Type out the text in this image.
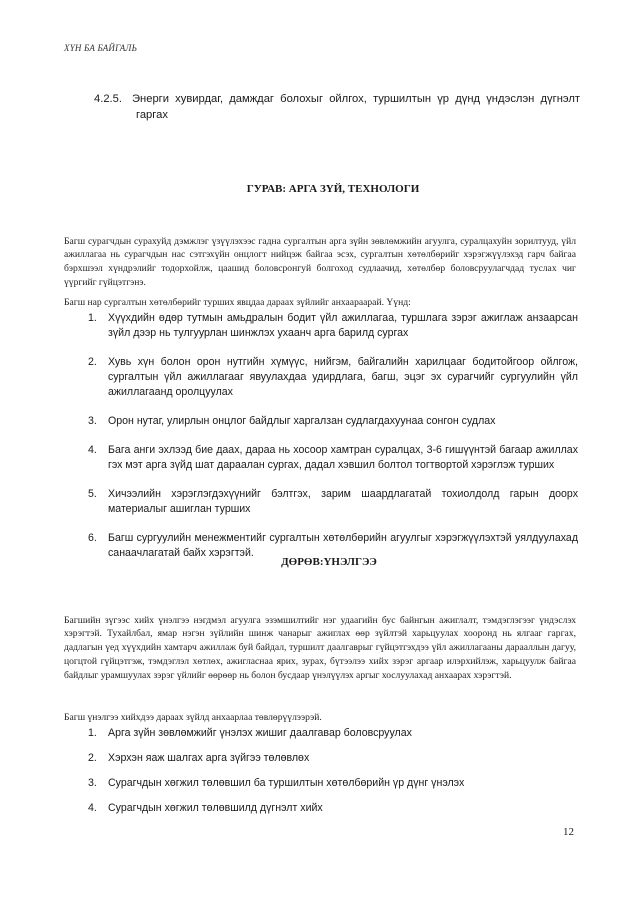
ХҮН БА БАЙГАЛЬ
4.2.5. Энерги хувирдаг, дамждаг болохыг ойлгох, туршилтын үр дүнд үндэслэн дүгнэлт гаргах
ГУРАВ: АРГА ЗҮЙ, ТЕХНОЛОГИ

Багш сурагчдын сурахуйд дэмжлэг үзүүлэхээс гадна сургалтын арга зүйн зөвлөмжийн агуулга, суралцахуйн зорилтууд, үйл ажиллагаа нь сурагчдын нас сэтгэхүйн онцлогт нийцэж байгаа эсэх, сургалтын хөтөлбөрийг хэрэгжүүлэхэд гарч байгаа бэрхшээл хүндрэлийг тодорхойлж, цаашид боловсронгуй болгоход судлаачид, хөтөлбөр боловсруулагчдад туслах чиг үүргийг гүйцэтгэнэ.

Багш нар сургалтын хөтөлбөрийг турших явцдаа дараах зүйлийг анхаараарай. Үүнд:

1. Хүүхдийн өдөр тутмын амьдралын бодит үйл ажиллагаа, туршлага зэрэг ажиглаж анзаарсан зүйл дээр нь тулгуурлан шинжлэх ухаанч арга барилд сургах
2. Хувь хүн болон орон нутгийн хүмүүс, нийгэм, байгалийн харилцааг бодитойгоор ойлгож, сургалтын үйл ажиллагааг явуулахдаа удирдлага, багш, эцэг эх сурагчийг сургуулийн үйл ажиллагаанд оролцуулах
3. Орон нутаг, улирлын онцлог байдлыг харгалзан судлагдахуунаа сонгон судлах
4. Бага анги эхлээд бие даах, дараа нь хосоор хамтран суралцах, 3-6 гишүүнтэй багаар ажиллах гэх мэт арга зүйд шат дараалан сургах, дадал хэвшил болтол тогтвортой хэрэглэж турших
5. Хичээлийн хэрэглэгдэхүүнийг бэлтгэх, зарим шаардлагатай тохиолдолд гарын доорх материалыг ашиглан турших
6. Багш сургуулийн менежментийг сургалтын хөтөлбөрийн агуулгыг хэрэгжүүлэхтэй уялдуулахад санаачлагатай байх хэрэгтэй.
ДӨРӨВ:ҮНЭЛГЭЭ

Багшийн зүгээс хийх үнэлгээ нэгдмэл агуулга эзэмшилтийг нэг удаагийн бус байнгын ажиглалт, тэмдэглэгээг үндэслэх хэрэгтэй. Тухайлбал, ямар нэгэн зүйлийн шинж чанарыг ажиглах өөр зүйлтэй харьцуулах хооронд нь ялгааг гаргах, дадлагын үед хүүхдийн хамтарч ажиллаж буй байдал, туршилт даалгаврыг гүйцэтгэхдээ үйл ажиллагааны дарааллын дагуу, цогцтой гүйцэтгэж, тэмдэглэл хөтлөх, ажигласнаа ярих, зурах, бүтээлээ хийх зэрэг аргаар илэрхийлэж, харьцуулж байгаа байдлыг урамшуулах зэрэг үйлийг өөрөөр нь болон бусдаар үнэлүүлэх аргыг хослуулахад анхаарах хэрэгтэй.

Багш үнэлгээ хийхдээ дараах зүйлд анхаарлаа төвлөрүүлээрэй.

1. Арга зүйн зөвлөмжийг үнэлэх жишиг даалгавар боловсруулах
2. Хэрхэн яаж шалгах арга зүйгээ төлөвлөх
3. Сурагчдын хөгжил төлөвшил ба туршилтын хөтөлбөрийн үр дүнг үнэлэх
4. Сурагчдын хөгжил төлөвшилд дүгнэлт хийх
12
